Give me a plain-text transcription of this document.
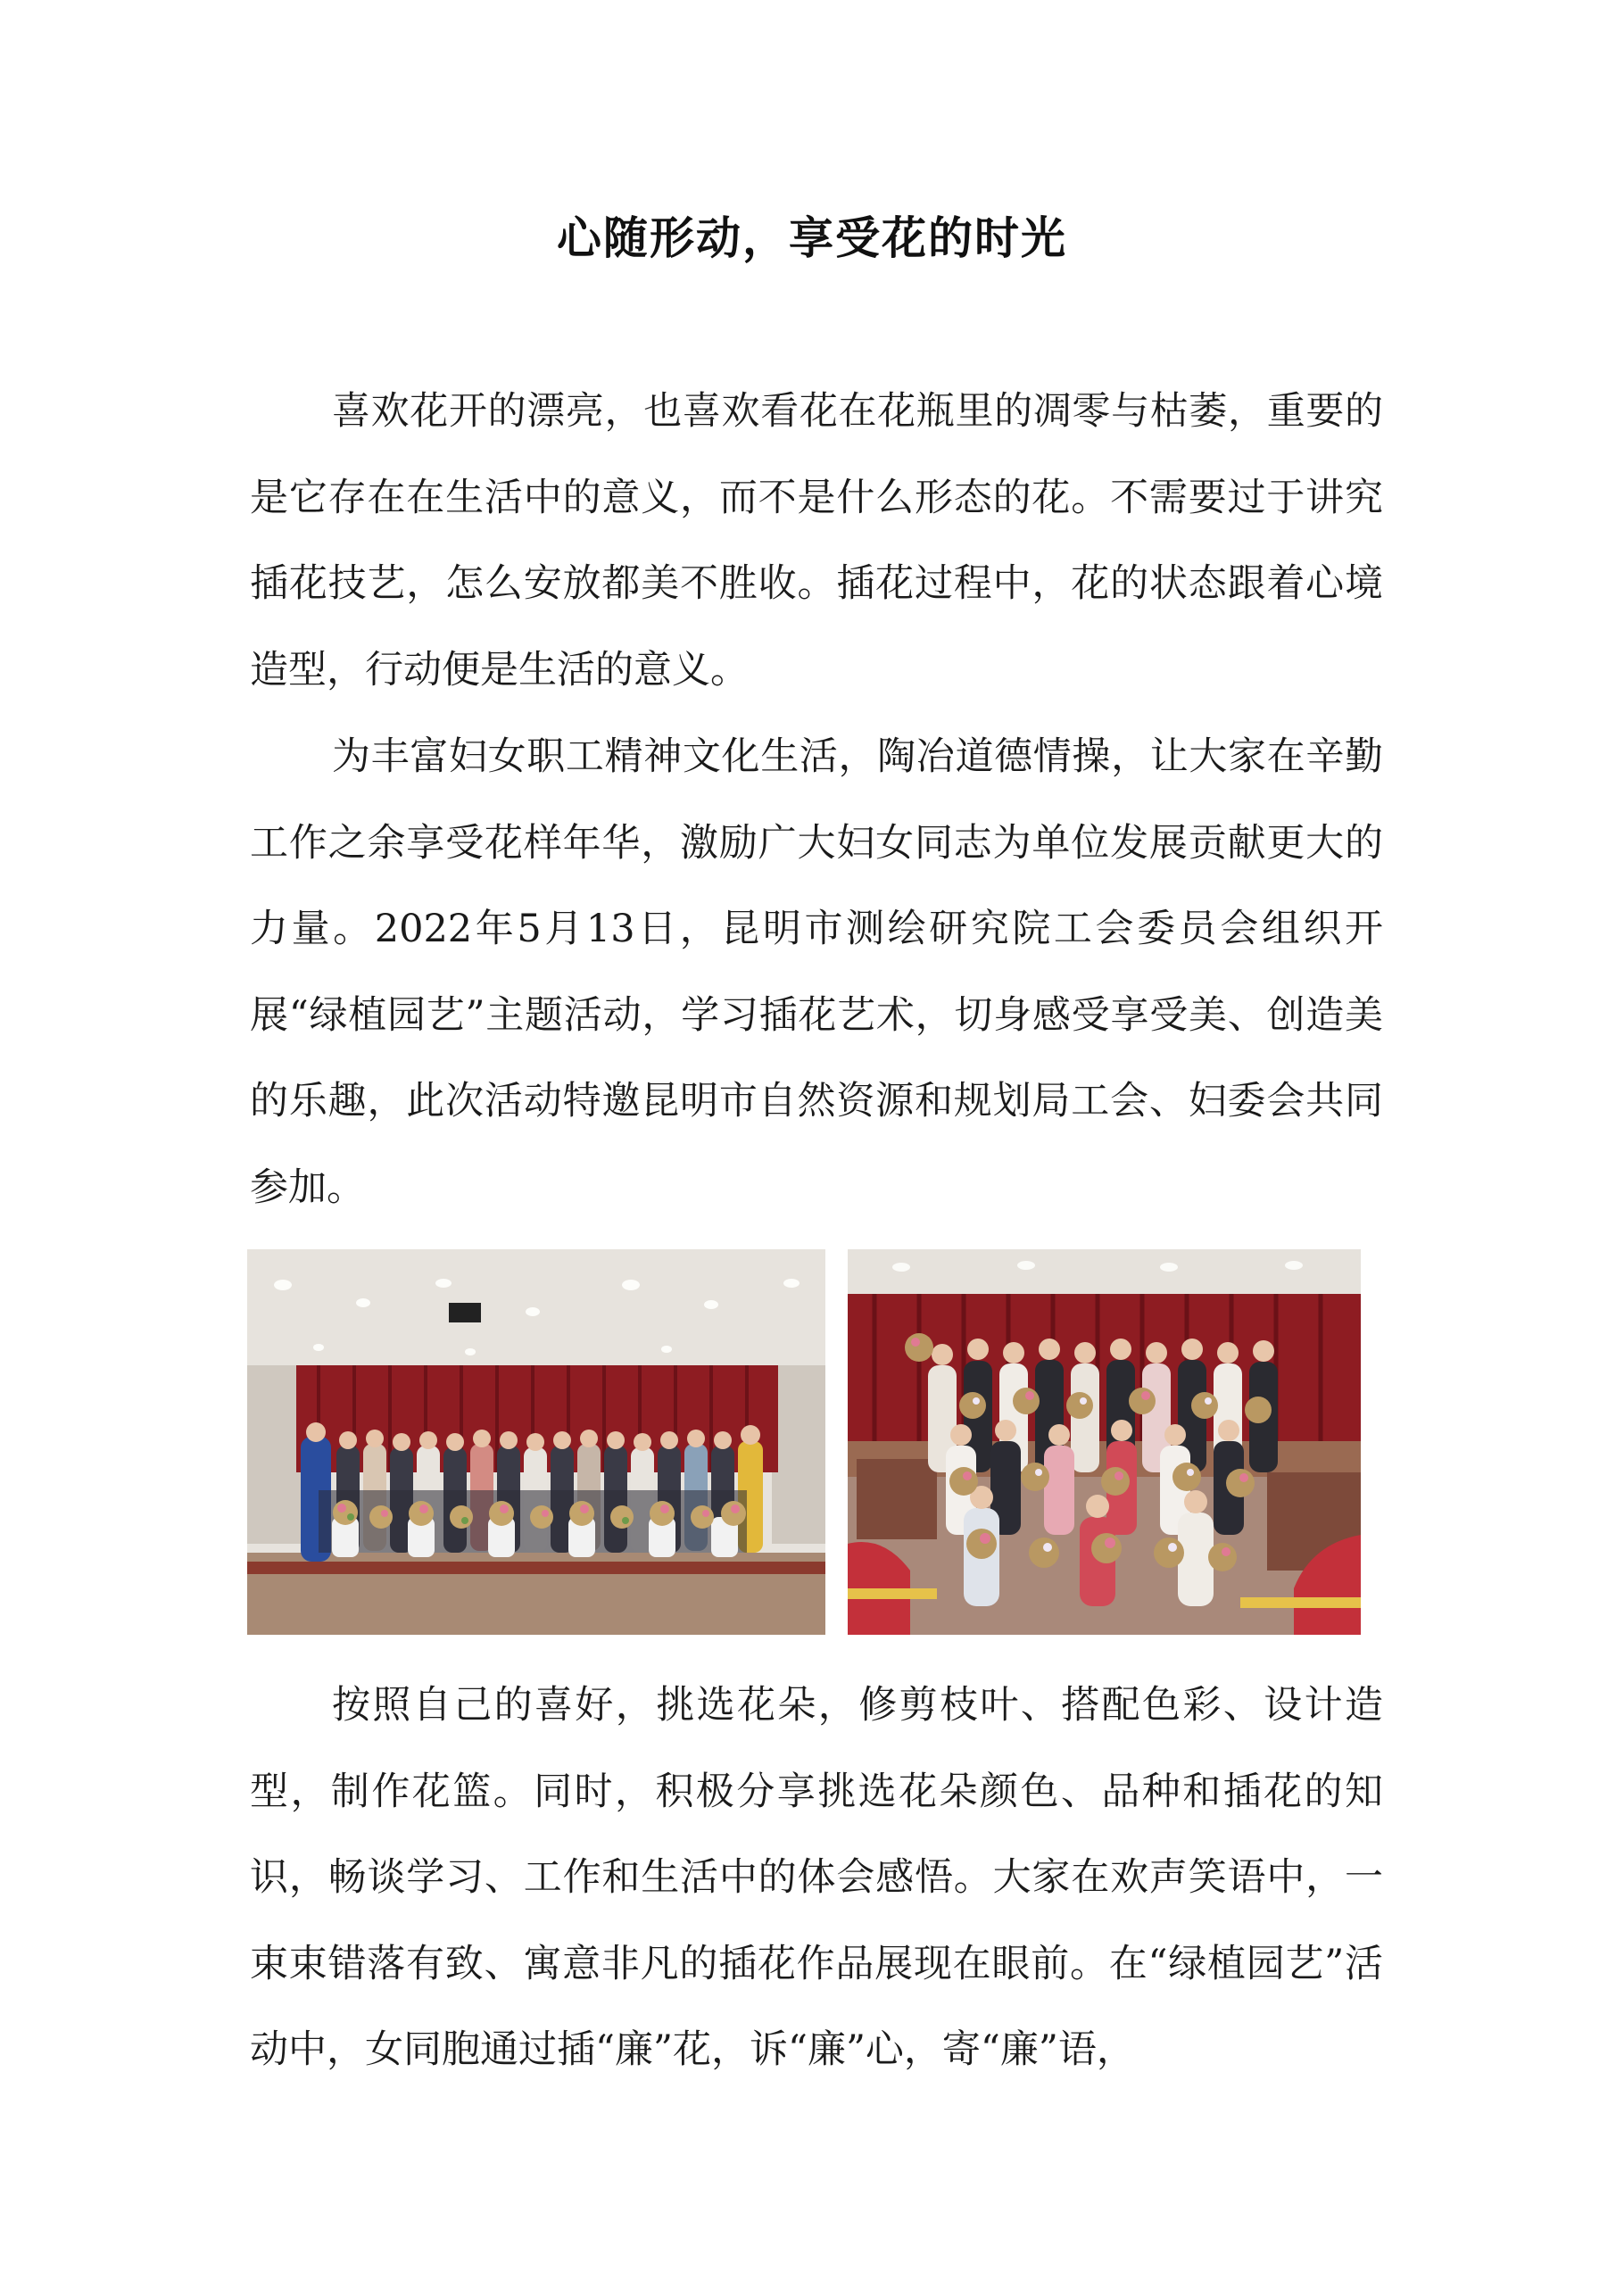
心随形动，享受花的时光

喜欢花开的漂亮，也喜欢看花在花瓶里的凋零与枯萎，重要的是它存在在生活中的意义，而不是什么形态的花。不需要过于讲究插花技艺，怎么安放都美不胜收。插花过程中，花的状态跟着心境造型，行动便是生活的意义。

为丰富妇女职工精神文化生活，陶冶道德情操，让大家在辛勤工作之余享受花样年华，激励广大妇女同志为单位发展贡献更大的力量。2022年5月13日，昆明市测绘研究院工会委员会组织开展“绿植园艺”主题活动，学习插花艺术，切身感受享受美、创造美的乐趣，此次活动特邀昆明市自然资源和规划局工会、妇委会共同参加。

按照自己的喜好，挑选花朵，修剪枝叶、搭配色彩、设计造型，制作花篮。同时，积极分享挑选花朵颜色、品种和插花的知识，畅谈学习、工作和生活中的体会感悟。大家在欢声笑语中，一束束错落有致、寓意非凡的插花作品展现在眼前。在“绿植园艺”活动中，女同胞通过插“廉”花，诉“廉”心，寄“廉”语，
